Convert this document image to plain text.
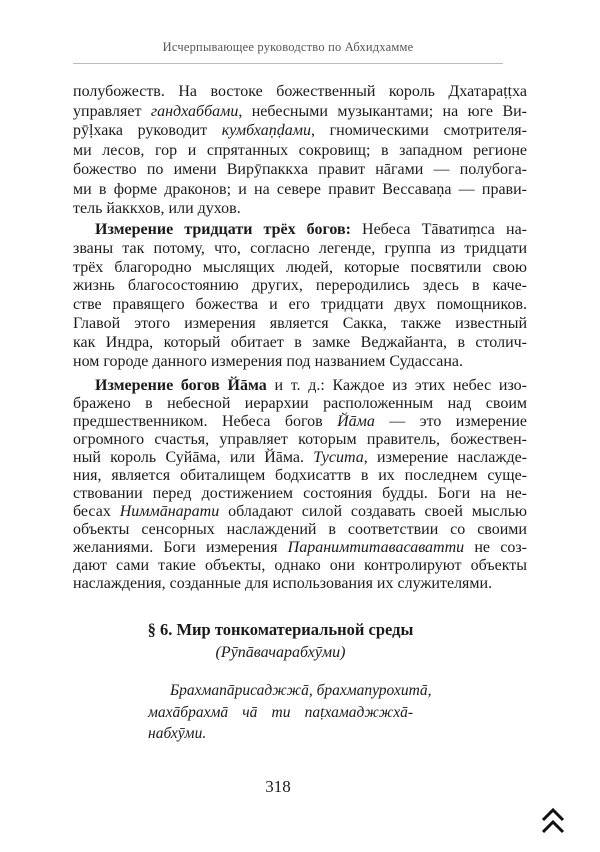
Исчерпывающее руководство по Абхидхамме
полубожеств. На востоке божественный король Дхатараṭṭха
управляет гандхаббами, небесными музыкантами; на юге Ви-
рӯḷхака руководит кумбхаṇḍами, гномическими смотрителя-
ми лесов, гор и спрятанных сокровищ; в западном регионе
божество по имени Вирӯпаккха правит нāгами — полубога-
ми в форме драконов; и на севере правит Вессаваṇа — прави-
тель йаккхов, или духов.
Измерение тридцати трёх богов: Небеса Тāватиṃса на-
званы так потому, что, согласно легенде, группа из тридцати
трёх благородно мыслящих людей, которые посвятили свою
жизнь благосостоянию других, переродились здесь в каче-
стве правящего божества и его тридцати двух помощников.
Главой этого измерения является Сакка, также известный
как Индра, который обитает в замке Веджайанта, в столич-
ном городе данного измерения под названием Судассана.
Измерение богов Йāма и т. д.: Каждое из этих небес изо-
бражено в небесной иерархии расположенным над своим
предшественником. Небеса богов Йāма — это измерение
огромного счастья, управляет которым правитель, божествен-
ный король Суйāма, или Йāма. Тусита, измерение наслажде-
ния, является обиталищем бодхисаттв в их последнем суще-
ствовании перед достижением состояния будды. Боги на не-
бесах Ниммāнарати обладают силой создавать своей мыслью
объекты сенсорных наслаждений в соответствии со своими
желаниями. Боги измерения Паранимmитавасаватти не соз-
дают сами такие объекты, однако они контролируют объекты
наслаждения, созданные для использования их служителями.
§ 6. Мир тонкоматериальной среды
(Рӯпāвачарабхӯми)
Брахмапāрисаджжā, брахмапурохитā,
махāбрахмā чā ти паṭхамаджжхā-
набхӯми.
318
